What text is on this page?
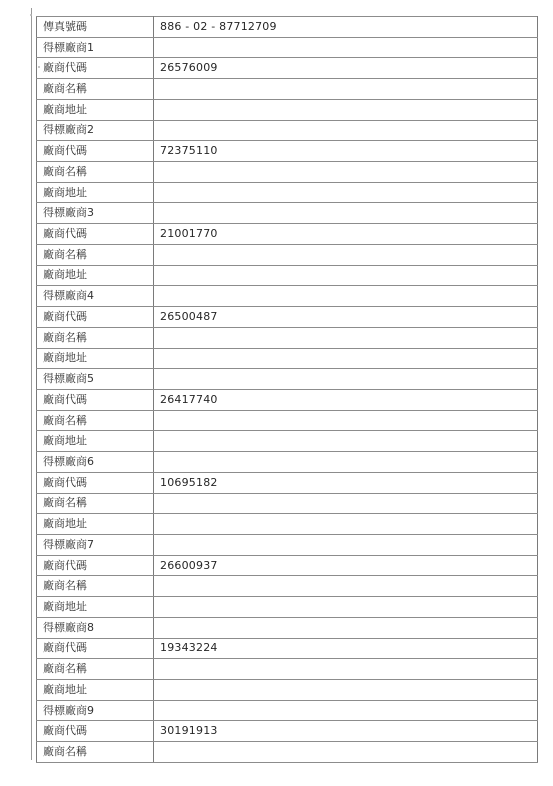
傳真號碼	886 - 02 - 87712709
得標廠商1	
廠商代碼	26576009
廠商名稱	
廠商地址	
得標廠商2	
廠商代碼	72375110
廠商名稱	
廠商地址	
得標廠商3	
廠商代碼	21001770
廠商名稱	
廠商地址	
得標廠商4	
廠商代碼	26500487
廠商名稱	
廠商地址	
得標廠商5	
廠商代碼	26417740
廠商名稱	
廠商地址	
得標廠商6	
廠商代碼	10695182
廠商名稱	
廠商地址	
得標廠商7	
廠商代碼	26600937
廠商名稱	
廠商地址	
得標廠商8	
廠商代碼	19343224
廠商名稱	
廠商地址	
得標廠商9	
廠商代碼	30191913
廠商名稱	
